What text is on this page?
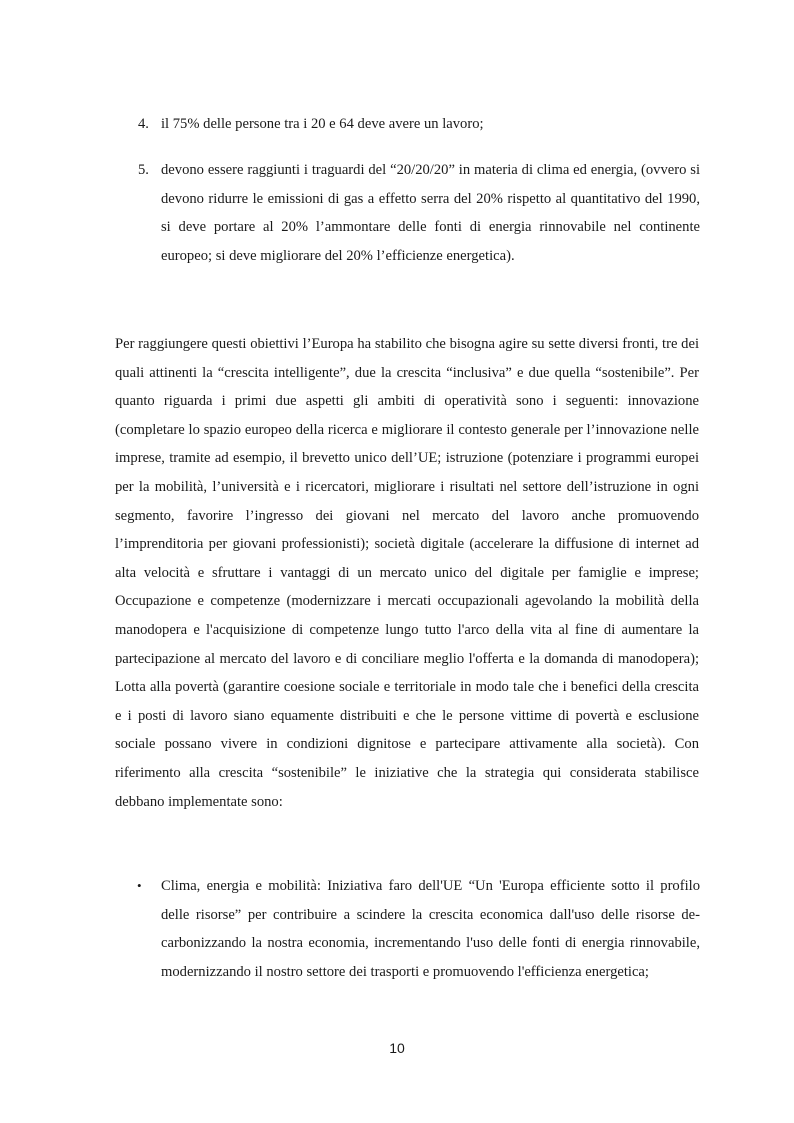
4. il 75% delle persone tra i 20 e 64 deve avere un lavoro;
5. devono essere raggiunti i traguardi del “20/20/20” in materia di clima ed energia, (ovvero si devono ridurre le emissioni di gas a effetto serra del 20% rispetto al quantitativo del 1990, si deve portare al 20% l’ammontare delle fonti di energia rinnovabile nel continente europeo; si deve migliorare del 20% l’efficienze energetica).

Per raggiungere questi obiettivi l’Europa ha stabilito che bisogna agire su sette diversi fronti, tre dei quali attinenti la “crescita intelligente”, due la crescita “inclusiva” e due quella “sostenibile”. Per quanto riguarda i primi due aspetti gli ambiti di operatività sono i seguenti: innovazione (completare lo spazio europeo della ricerca e migliorare il contesto generale per l’innovazione nelle imprese, tramite ad esempio, il brevetto unico dell’UE; istruzione (potenziare i programmi europei per la mobilità, l’università e i ricercatori, migliorare i risultati nel settore dell’istruzione in ogni segmento, favorire l’ingresso dei giovani nel mercato del lavoro anche promuovendo l’imprenditoria per giovani professionisti); società digitale (accelerare la diffusione di internet ad alta velocità e sfruttare i vantaggi di un mercato unico del digitale per famiglie e imprese; Occupazione e competenze (modernizzare i mercati occupazionali agevolando la mobilità della manodopera e l'acquisizione di competenze lungo tutto l'arco della vita al fine di aumentare la partecipazione al mercato del lavoro e di conciliare meglio l'offerta e la domanda di manodopera); Lotta alla povertà (garantire coesione sociale e territoriale in modo tale che i benefici della crescita e i posti di lavoro siano equamente distribuiti e che le persone vittime di povertà e esclusione sociale possano vivere in condizioni dignitose e partecipare attivamente alla società). Con riferimento alla crescita “sostenibile” le iniziative che la strategia qui considerata stabilisce debbano implementate sono:

• Clima, energia e mobilità: Iniziativa faro dell'UE “Un 'Europa efficiente sotto il profilo delle risorse” per contribuire a scindere la crescita economica dall'uso delle risorse de-carbonizzando la nostra economia, incrementando l'uso delle fonti di energia rinnovabile, modernizzando il nostro settore dei trasporti e promuovendo l'efficienza energetica;
10
